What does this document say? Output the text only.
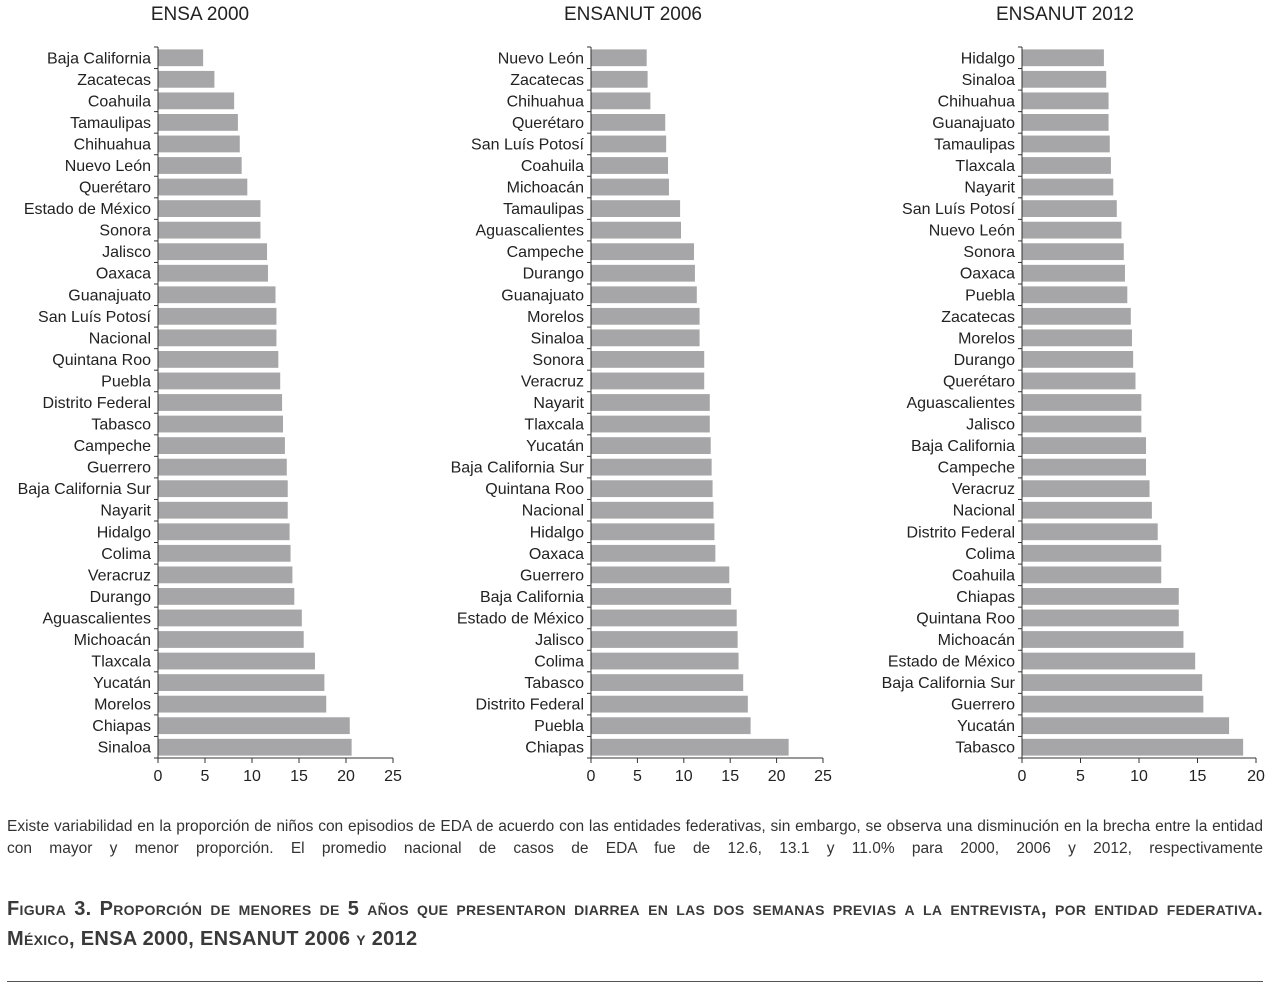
ENSA 2000
Baja California
Zacatecas
Coahuila
Tamaulipas
Chihuahua
Nuevo León
Querétaro
Estado de México
Sonora
Jalisco
Oaxaca
Guanajuato
San Luís Potosí
Nacional
Quintana Roo
Puebla
Distrito Federal
Tabasco
Campeche
Guerrero
Baja California Sur
Nayarit
Hidalgo
Colima
Veracruz
Durango
Aguascalientes
Michoacán
Tlaxcala
Yucatán
Morelos
Chiapas
Sinaloa
0 5 10 15 20 25
ENSANUT 2006
Nuevo León
Zacatecas
Chihuahua
Querétaro
San Luís Potosí
Coahuila
Michoacán
Tamaulipas
Aguascalientes
Campeche
Durango
Guanajuato
Morelos
Sinaloa
Sonora
Veracruz
Nayarit
Tlaxcala
Yucatán
Baja California Sur
Quintana Roo
Nacional
Hidalgo
Oaxaca
Guerrero
Baja California
Estado de México
Jalisco
Colima
Tabasco
Distrito Federal
Puebla
Chiapas
0 5 10 15 20 25
ENSANUT 2012
Hidalgo
Sinaloa
Chihuahua
Guanajuato
Tamaulipas
Tlaxcala
Nayarit
San Luís Potosí
Nuevo León
Sonora
Oaxaca
Puebla
Zacatecas
Morelos
Durango
Querétaro
Aguascalientes
Jalisco
Baja California
Campeche
Veracruz
Nacional
Distrito Federal
Colima
Coahuila
Chiapas
Quintana Roo
Michoacán
Estado de México
Baja California Sur
Guerrero
Yucatán
Tabasco
0	5	10	15	20
Existe variabilidad en la proporción de niños con episodios de EDA de acuerdo con las entidades federativas, sin embargo, se observa una disminución en la brecha entre la entidad con mayor y menor proporción. El promedio nacional de casos de EDA fue de 12.6, 13.1 y 11.0% para 2000, 2006 y 2012, respectivamente
Figura 3. Proporción de menores de 5 años que presentaron diarrea en las dos semanas previas a la entrevista, por entidad federativa. México, ENSA 2000, ENSANUT 2006 y 2012
